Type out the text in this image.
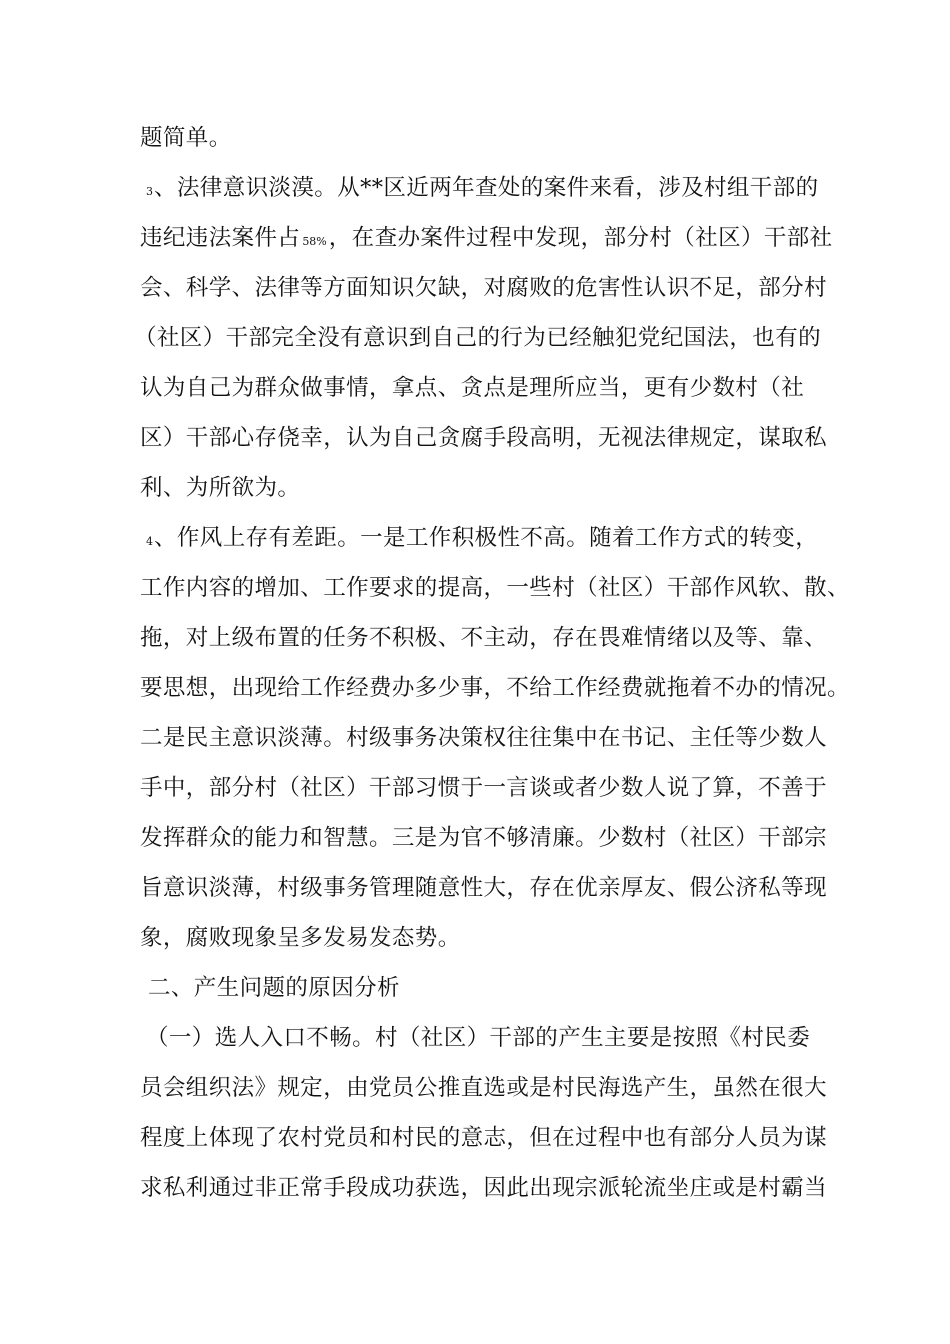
题简单。
3、法律意识淡漠。从**区近两年查处的案件来看，涉及村组干部的
违纪违法案件占 58%，在查办案件过程中发现，部分村（社区）干部社
会、科学、法律等方面知识欠缺，对腐败的危害性认识不足，部分村
（社区）干部完全没有意识到自己的行为已经触犯党纪国法，也有的
认为自己为群众做事情，拿点、贪点是理所应当，更有少数村（社
区）干部心存侥幸，认为自己贪腐手段高明，无视法律规定，谋取私
利、为所欲为。
4、作风上存有差距。一是工作积极性不高。随着工作方式的转变，
工作内容的增加、工作要求的提高，一些村（社区）干部作风软、散、
拖，对上级布置的任务不积极、不主动，存在畏难情绪以及等、靠、
要思想，出现给工作经费办多少事，不给工作经费就拖着不办的情况。
二是民主意识淡薄。村级事务决策权往往集中在书记、主任等少数人
手中，部分村（社区）干部习惯于一言谈或者少数人说了算，不善于
发挥群众的能力和智慧。三是为官不够清廉。少数村（社区）干部宗
旨意识淡薄，村级事务管理随意性大，存在优亲厚友、假公济私等现
象，腐败现象呈多发易发态势。
二、产生问题的原因分析
（一）选人入口不畅。村（社区）干部的产生主要是按照《村民委
员会组织法》规定，由党员公推直选或是村民海选产生，虽然在很大
程度上体现了农村党员和村民的意志，但在过程中也有部分人员为谋
求私利通过非正常手段成功获选，因此出现宗派轮流坐庄或是村霸当
